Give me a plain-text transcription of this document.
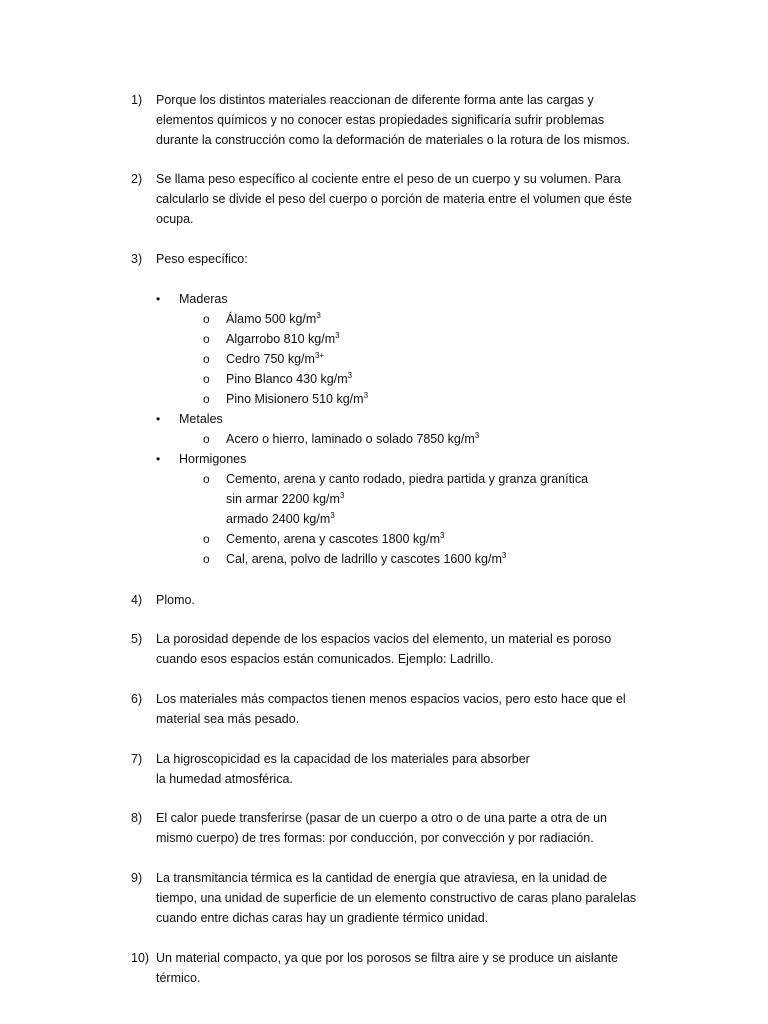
1) Porque los distintos materiales reaccionan de diferente forma ante las cargas y
elementos químicos y no conocer estas propiedades significaría sufrir problemas
durante la construcción como la deformación de materiales o la rotura de los mismos.
2) Se llama peso específico al cociente entre el peso de un cuerpo y su volumen. Para
calcularlo se divide el peso del cuerpo o porción de materia entre el volumen que éste
ocupa.
3) Peso específico:
• Maderas
o Álamo 500 $kg/m^3$
o Algarrobo 810 $kg/m^3$
o Cedro 750 $kg/m^{3+}$
o Pino Blanco 430 $kg/m^3$
o Pino Misionero 510 $kg/m^3$
• Metales
o Acero o hierro, laminado o solado 7850 $kg/m^3$
• Hormigones
o Cemento, arena y canto rodado, piedra partida y granza granítica
sin armar 2200 $kg/m^3$
armado 2400 $kg/m^3$
o Cemento, arena y cascotes 1800 $kg/m^3$
o Cal, arena, polvo de ladrillo y cascotes 1600 $kg/m^3$
4) Plomo.
5) La porosidad depende de los espacios vacios del elemento, un material es poroso
cuando esos espacios están comunicados. Ejemplo: Ladrillo.
6) Los materiales más compactos tienen menos espacios vacios, pero esto hace que el
material sea más pesado.
7) La higroscopicidad es la capacidad de los materiales para absorber
la humedad atmosférica.
8) El calor puede transferirse (pasar de un cuerpo a otro o de una parte a otra de un
mismo cuerpo) de tres formas: por conducción, por convección y por radiación.
9) La transmitancia térmica es la cantidad de energía que atraviesa, en la unidad de
tiempo, una unidad de superficie de un elemento constructivo de caras plano paralelas
cuando entre dichas caras hay un gradiente térmico unidad.
10) Un material compacto, ya que por los porosos se filtra aire y se produce un aislante
térmico.
